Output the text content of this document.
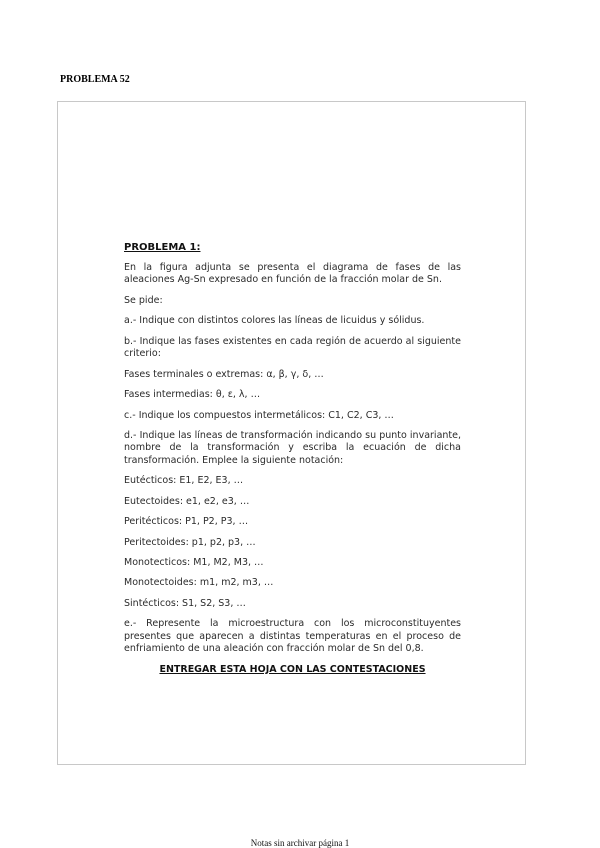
PROBLEMA 52
PROBLEMA 1:

En la figura adjunta se presenta el diagrama de fases de las aleaciones Ag-Sn expresado en función de la fracción molar de Sn.

Se pide:

a.- Indique con distintos colores las líneas de licuidus y sólidus.

b.- Indique las fases existentes en cada región de acuerdo al siguiente criterio:

Fases terminales o extremas: α, β, γ, δ, …

Fases intermedias: θ, ε, λ, …

c.- Indique los compuestos intermetálicos: C1, C2, C3, …

d.- Indique las líneas de transformación indicando su punto invariante, nombre de la transformación y escriba la ecuación de dicha transformación. Emplee la siguiente notación:

Eutécticos: E1, E2, E3, …

Eutectoides: e1, e2, e3, …

Peritécticos: P1, P2, P3, …

Peritectoides: p1, p2, p3, …

Monotecticos: M1, M2, M3, …

Monotectoides: m1, m2, m3, …

Sintécticos: S1, S2, S3, …

e.- Represente la microestructura con los microconstituyentes presentes que aparecen a distintas temperaturas en el proceso de enfriamiento de una aleación con fracción molar de Sn del 0,8.

ENTREGAR ESTA HOJA CON LAS CONTESTACIONES
Notas sin archivar página 1
